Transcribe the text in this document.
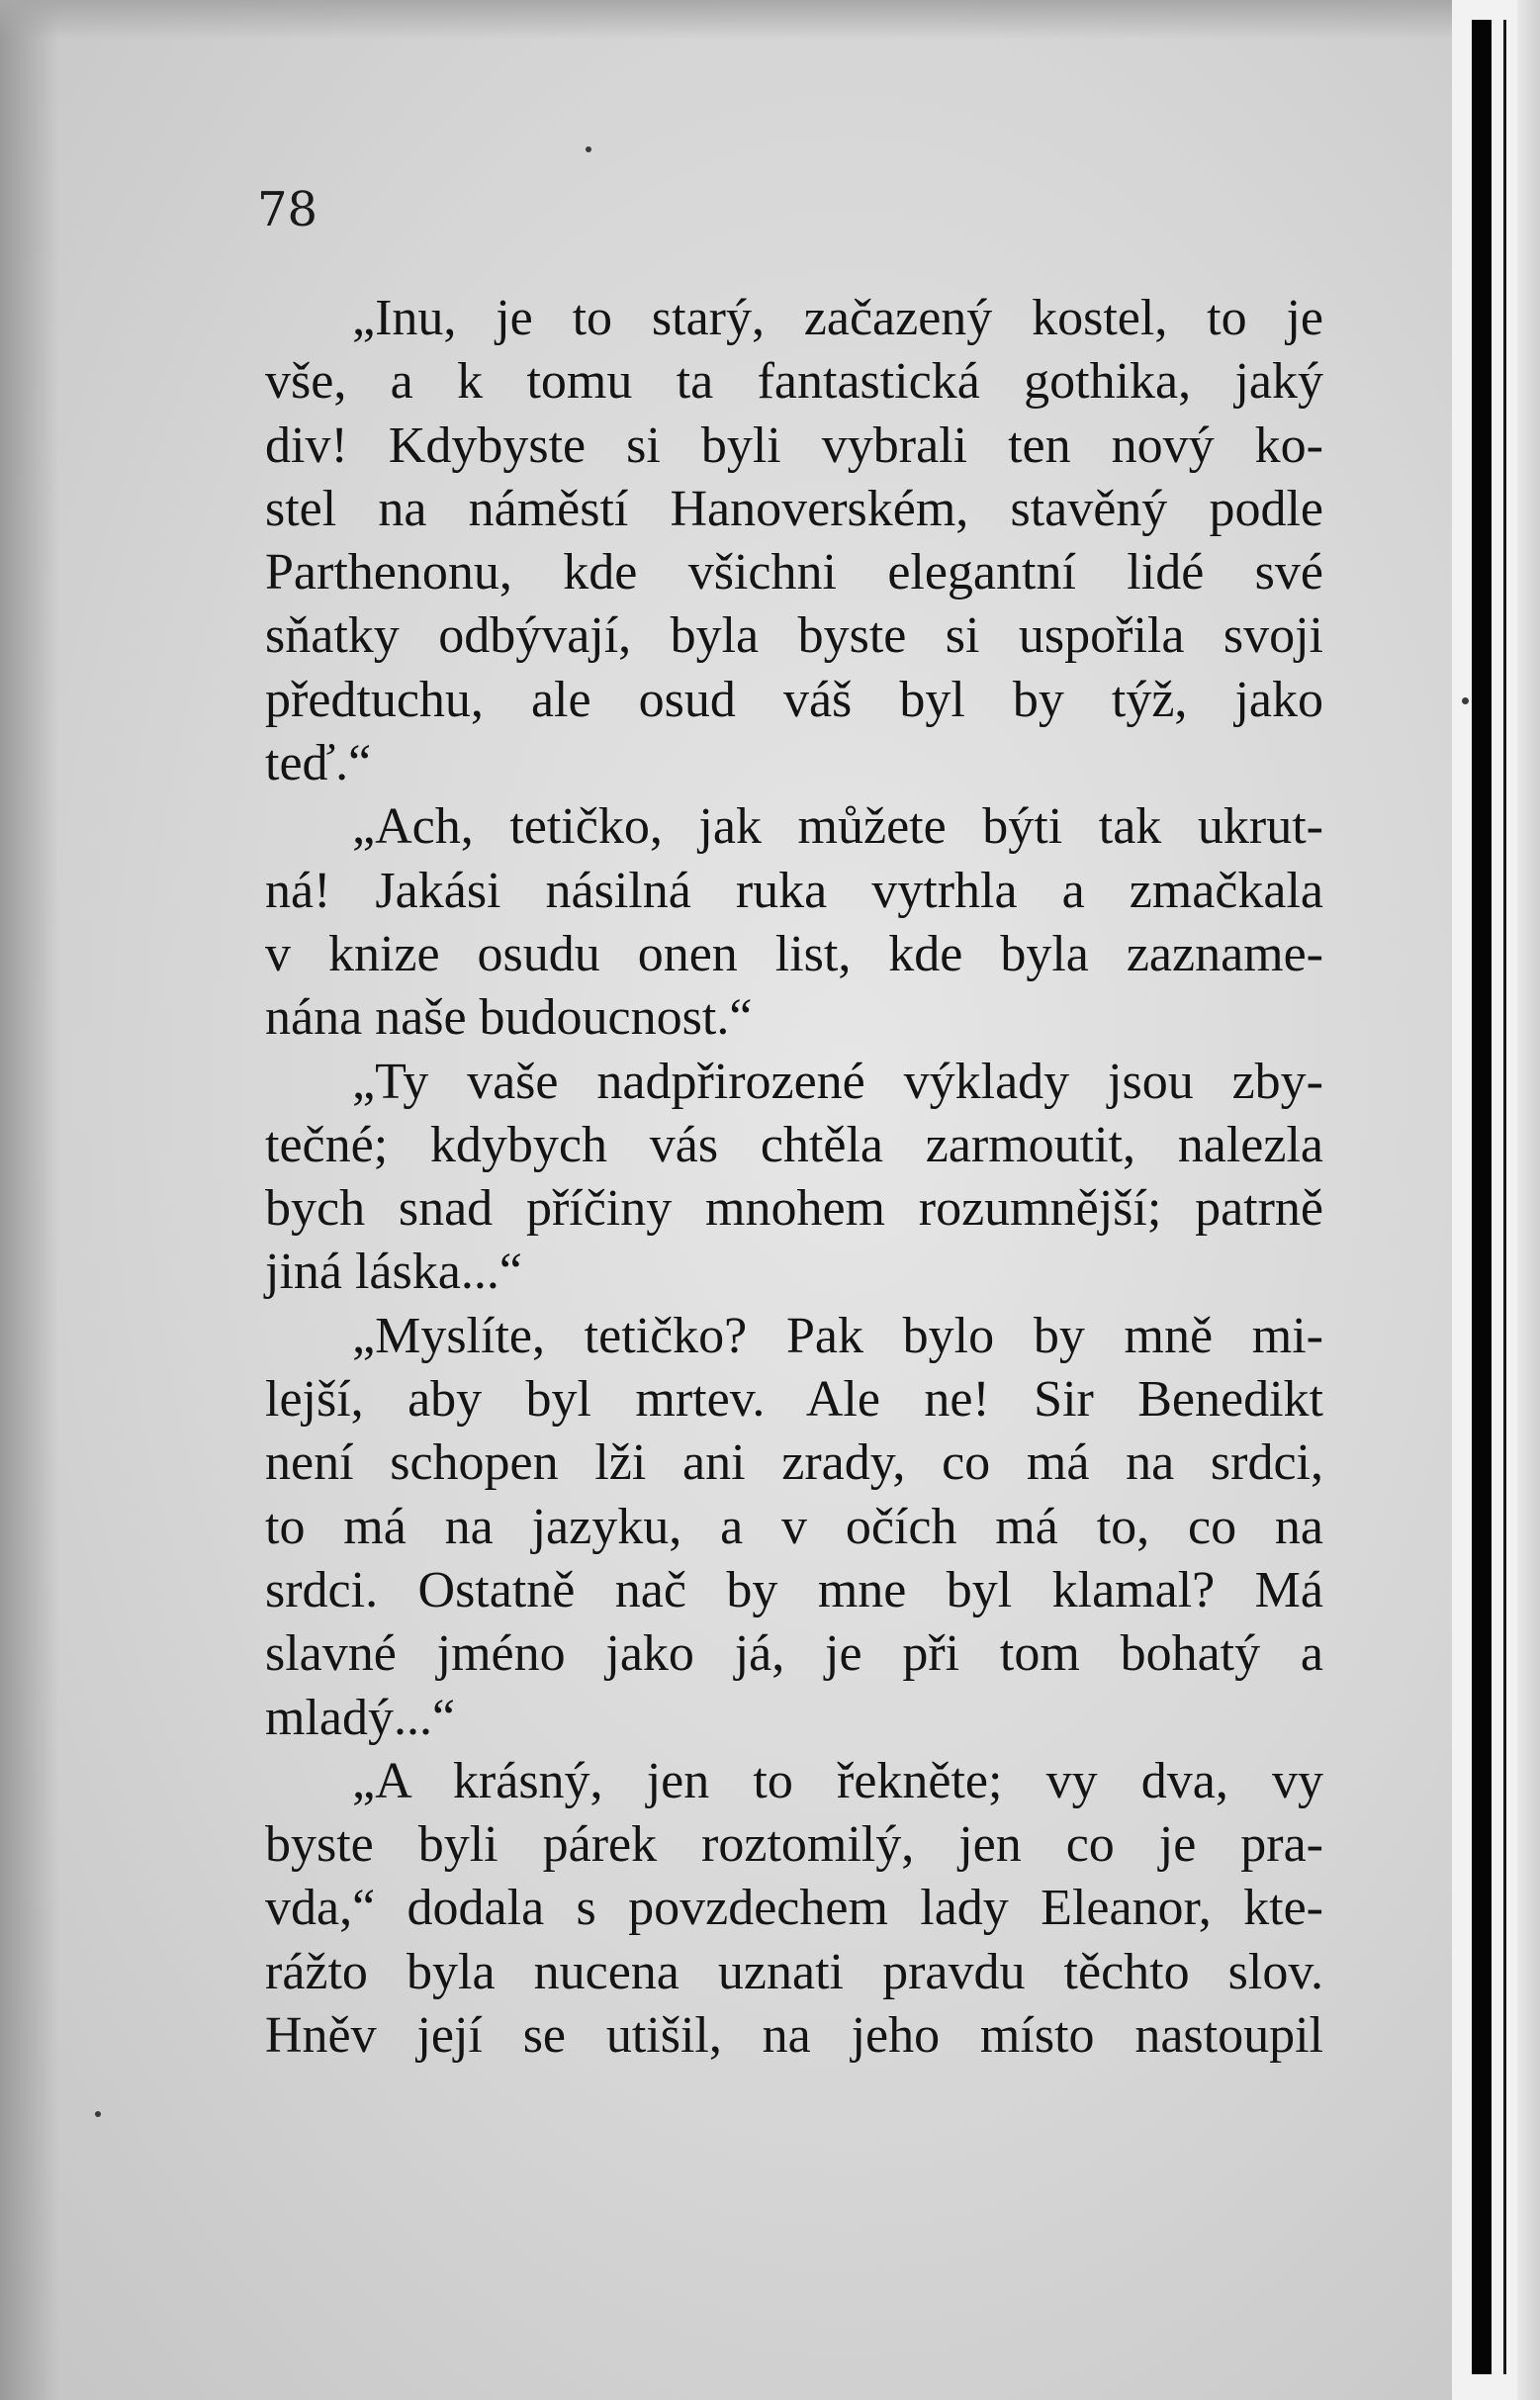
78
„Inu, je to starý, začazený kostel, to je
vše, a k tomu ta fantastická gothika, jaký
div! Kdybyste si byli vybrali ten nový ko-
stel na náměstí Hanoverském, stavěný podle
Parthenonu, kde všichni elegantní lidé své
sňatky odbývají, byla byste si uspořila svoji
předtuchu, ale osud váš byl by týž, jako
teď.“
„Ach, tetičko, jak můžete býti tak ukrut-
ná! Jakási násilná ruka vytrhla a zmačkala
v knize osudu onen list, kde byla zazname-
nána naše budoucnost.“
„Ty vaše nadpřirozené výklady jsou zby-
tečné; kdybych vás chtěla zarmoutit, nalezla
bych snad příčiny mnohem rozumnější; patrně
jiná láska...“
„Myslíte, tetičko? Pak bylo by mně mi-
lejší, aby byl mrtev. Ale ne! Sir Benedikt
není schopen lži ani zrady, co má na srdci,
to má na jazyku, a v očích má to, co na
srdci. Ostatně nač by mne byl klamal? Má
slavné jméno jako já, je při tom bohatý a
mladý...“
„A krásný, jen to řekněte; vy dva, vy
byste byli párek roztomilý, jen co je pra-
vda,“ dodala s povzdechem lady Eleanor, kte-
rážto byla nucena uznati pravdu těchto slov.
Hněv její se utišil, na jeho místo nastoupil
